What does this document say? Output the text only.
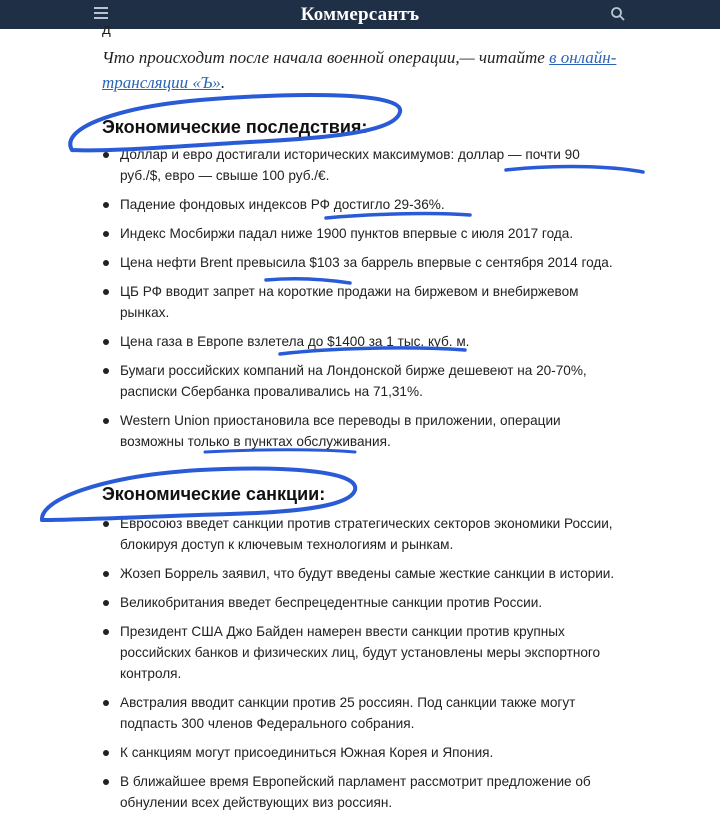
Коммерсантъ
д
Что происходит после начала военной операции,— читайте в онлайн-трансляции «Ъ».
Экономические последствия:
Доллар и евро достигали исторических максимумов: доллар — почти 90 руб./$, евро — свыше 100 руб./€.
Падение фондовых индексов РФ достигло 29-36%.
Индекс Мосбиржи падал ниже 1900 пунктов впервые с июля 2017 года.
Цена нефти Brent превысила $103 за баррель впервые с сентября 2014 года.
ЦБ РФ вводит запрет на короткие продажи на биржевом и внебиржевом рынках.
Цена газа в Европе взлетела до $1400 за 1 тыс. куб. м.
Бумаги российских компаний на Лондонской бирже дешевеют на 20-70%, расписки Сбербанка проваливались на 71,31%.
Western Union приостановила все переводы в приложении, операции возможны только в пунктах обслуживания.
Экономические санкции:
Евросоюз введет санкции против стратегических секторов экономики России, блокируя доступ к ключевым технологиям и рынкам.
Жозеп Боррель заявил, что будут введены самые жесткие санкции в истории.
Великобритания введет беспрецедентные санкции против России.
Президент США Джо Байден намерен ввести санкции против крупных российских банков и физических лиц, будут установлены меры экспортного контроля.
Австралия вводит санкции против 25 россиян. Под санкции также могут подпасть 300 членов Федерального собрания.
К санкциям могут присоединиться Южная Корея и Япония.
В ближайшее время Европейский парламент рассмотрит предложение об обнулении всех действующих виз россиян.
